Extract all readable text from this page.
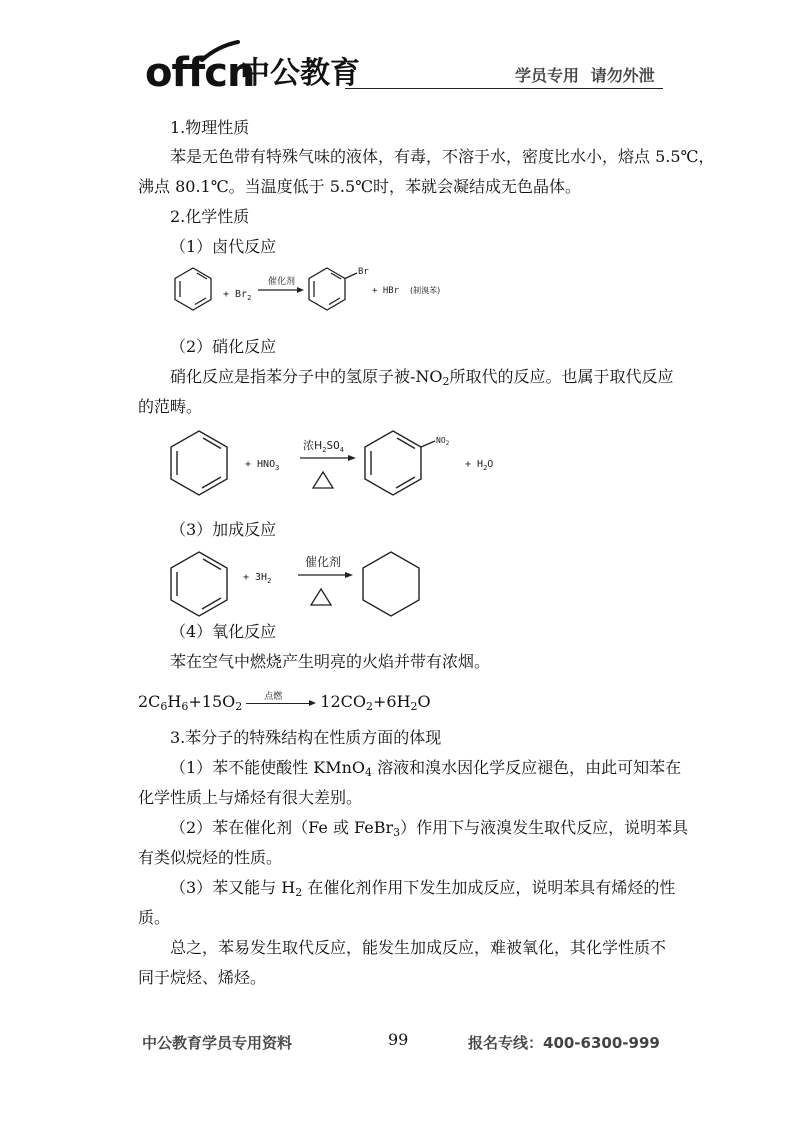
offcn
中公教育	学员专用 请勿外泄
1.物理性质
苯是无色带有特殊气味的液体，有毒，不溶于水，密度比水小，熔点 5.5℃，
沸点 80.1℃。当温度低于 5.5℃时，苯就会凝结成无色晶体。
2.化学性质
（1）卤代反应
+ $Br_2$
催化剂
Br
+ HBr (制溴苯)
（2）硝化反应
硝化反应是指苯分子中的氢原子被$-NO_2$所取代的反应。也属于取代反应
的范畴。
+ $HNO_3$
浓$H_2SO_4$
$NO_2$
+ $H_2O$
（3）加成反应
+ $3H_2$
催化剂
（4）氧化反应
苯在空气中燃烧产生明亮的火焰并带有浓烟。
$2C_6H_6+15O_2$
点燃 $12CO_2+6H_2O$
3.苯分子的特殊结构在性质方面的体现
（1）苯不能使酸性 KMnO$_4$ 溶液和溴水因化学反应褪色，由此可知苯在
化学性质上与烯烃有很大差别。
（2）苯在催化剂（Fe 或 FeBr$_3$）作用下与液溴发生取代反应，说明苯具
有类似烷烃的性质。
（3）苯又能与 $H_2$ 在催化剂作用下发生加成反应，说明苯具有烯烃的性
质。
总之，苯易发生取代反应，能发生加成反应，难被氧化，其化学性质不
同于烷烃、烯烃。
中公教育学员专用资料	99	报名专线：400-6300-999
